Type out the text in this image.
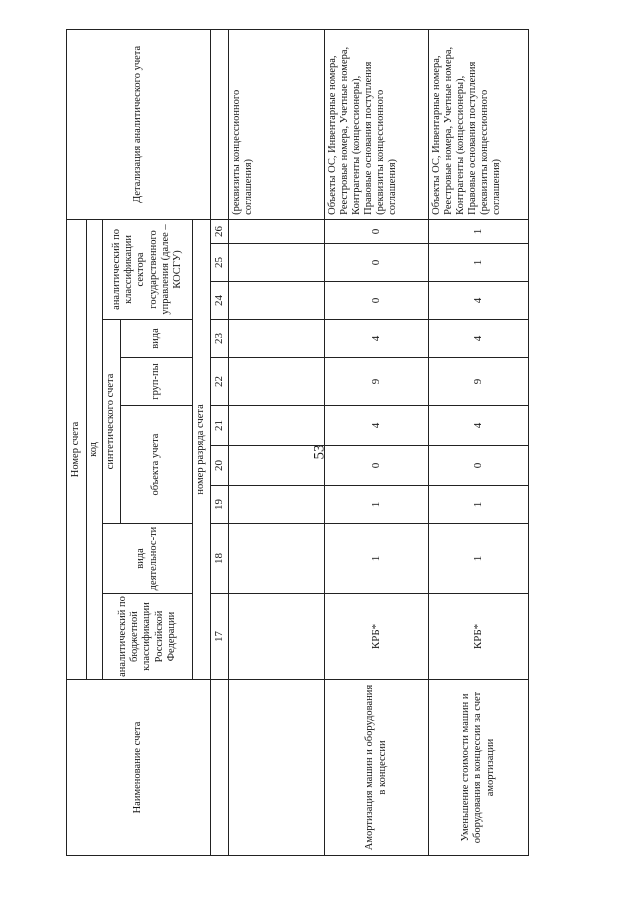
53
Наименование счета	Номер счета										Детализация аналитического учета
	код										
	аналитический по бюджетной классификации Российской Федерации	вида деятельнос-ти	синтетического счета					аналитический по классификации сектора государственного управления (далее – КОСГУ)			
			объекта учета			груп-пы	вида				
	номер разряда счета										
	17	18	19	20	21	22	23	24	25	26	
											(реквизиты концессионного соглашения)
Амортизация машин и оборудования в концессии	КРБ*	1	1	0	4	9	4	0	0	0	Объекты ОС, Инвентарные номера, Реестровые номера, Учетные номера, Контрагенты (концессионеры), Правовые основания поступления (реквизиты концессионного соглашения)
Уменьшение стоимости машин и оборудования в концессии за счет амортизации	КРБ*	1	1	0	4	9	4	4	1	1	Объекты ОС, Инвентарные номера, Реестровые номера, Учетные номера, Контрагенты (концессионеры), Правовые основания поступления (реквизиты концессионного соглашения)
